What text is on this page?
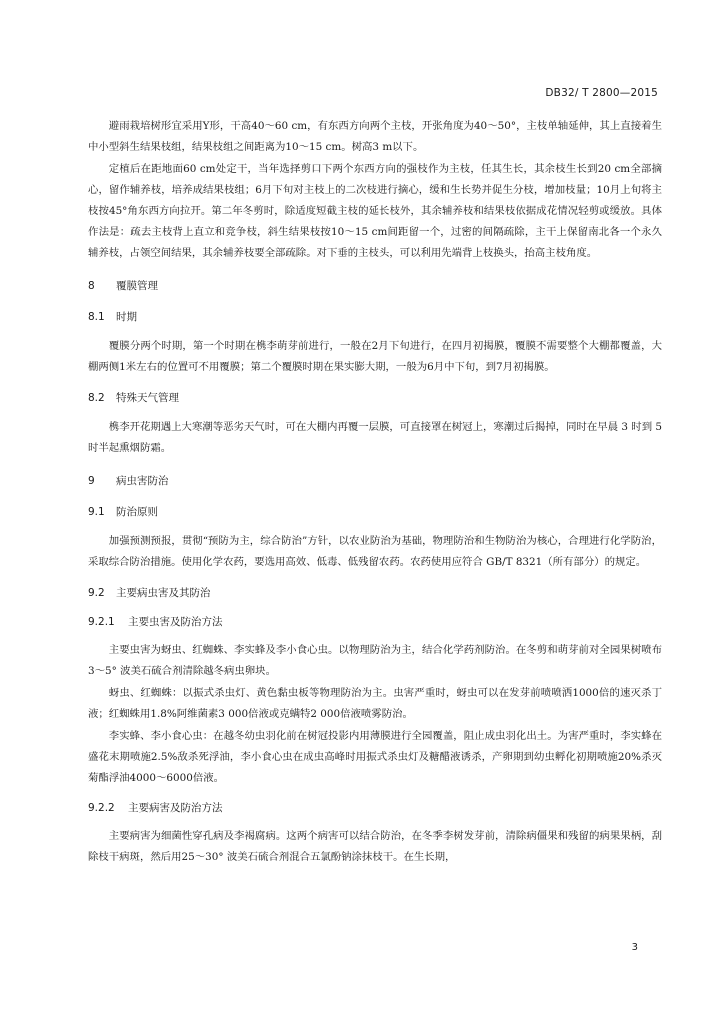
DB32/ T 2800—2015

避雨栽培树形宜采用Y形，干高40～60 cm，有东西方向两个主枝，开张角度为40～50°，主枝单轴延伸，其上直接着生中小型斜生结果枝组，结果枝组之间距离为10～15 cm。树高3 m以下。

定植后在距地面60 cm处定干，当年选择剪口下两个东西方向的强枝作为主枝，任其生长，其余枝生长到20 cm全部摘心，留作辅养枝，培养成结果枝组；6月下旬对主枝上的二次枝进行摘心，缓和生长势并促生分枝，增加枝量；10月上旬将主枝按45°角东西方向拉开。第二年冬剪时，除适度短截主枝的延长枝外，其余辅养枝和结果枝依据成花情况轻剪或缓放。具体作法是：疏去主枝背上直立和竞争枝，斜生结果枝按10～15 cm间距留一个，过密的间隔疏除，主干上保留南北各一个永久辅养枝，占领空间结果，其余辅养枝要全部疏除。对下垂的主枝头，可以利用先端背上枝换头，抬高主枝角度。

8	覆膜管理
8.1	时期

覆膜分两个时期，第一个时期在槜李萌芽前进行，一般在2月下旬进行，在四月初揭膜，覆膜不需要整个大棚都覆盖，大棚两侧1米左右的位置可不用覆膜；第二个覆膜时期在果实膨大期，一般为6月中下旬，到7月初揭膜。

8.2	特殊天气管理

槜李开花期遇上大寒潮等恶劣天气时，可在大棚内再覆一层膜，可直接罩在树冠上，寒潮过后揭掉，同时在早晨 3 时到 5 时半起熏烟防霜。

9	病虫害防治
9.1	防治原则

加强预测预报，贯彻“预防为主，综合防治”方针，以农业防治为基础，物理防治和生物防治为核心，合理进行化学防治，采取综合防治措施。使用化学农药，要选用高效、低毒、低残留农药。农药使用应符合 GB/T 8321（所有部分）的规定。

9.2	主要病虫害及其防治
9.2.1	主要虫害及防治方法

主要虫害为蚜虫、红蜘蛛、李实蜂及李小食心虫。以物理防治为主，结合化学药剂防治。在冬剪和萌芽前对全园果树喷布3～5° 波美石硫合剂清除越冬病虫卵块。

蚜虫、红蜘蛛：以振式杀虫灯、黄色黏虫板等物理防治为主。虫害严重时，蚜虫可以在发芽前喷喷洒1000倍的速灭杀丁液；红蜘蛛用1.8%阿维菌素3 000倍液或克螨特2 000倍液喷雾防治。

李实蜂、李小食心虫：在越冬幼虫羽化前在树冠投影内用薄膜进行全园覆盖，阻止成虫羽化出土。为害严重时，李实蜂在盛花末期喷施2.5%敌杀死浮油，李小食心虫在成虫高峰时用振式杀虫灯及糖醋液诱杀，产卵期到幼虫孵化初期喷施20%杀灭菊酯浮油4000～6000倍液。

9.2.2	主要病害及防治方法

主要病害为细菌性穿孔病及李褐腐病。这两个病害可以结合防治，在冬季李树发芽前，清除病僵果和残留的病果果柄，刮除枝干病斑，然后用25～30° 波美石硫合剂混合五氯酚钠涂抹枝干。在生长期，

3
